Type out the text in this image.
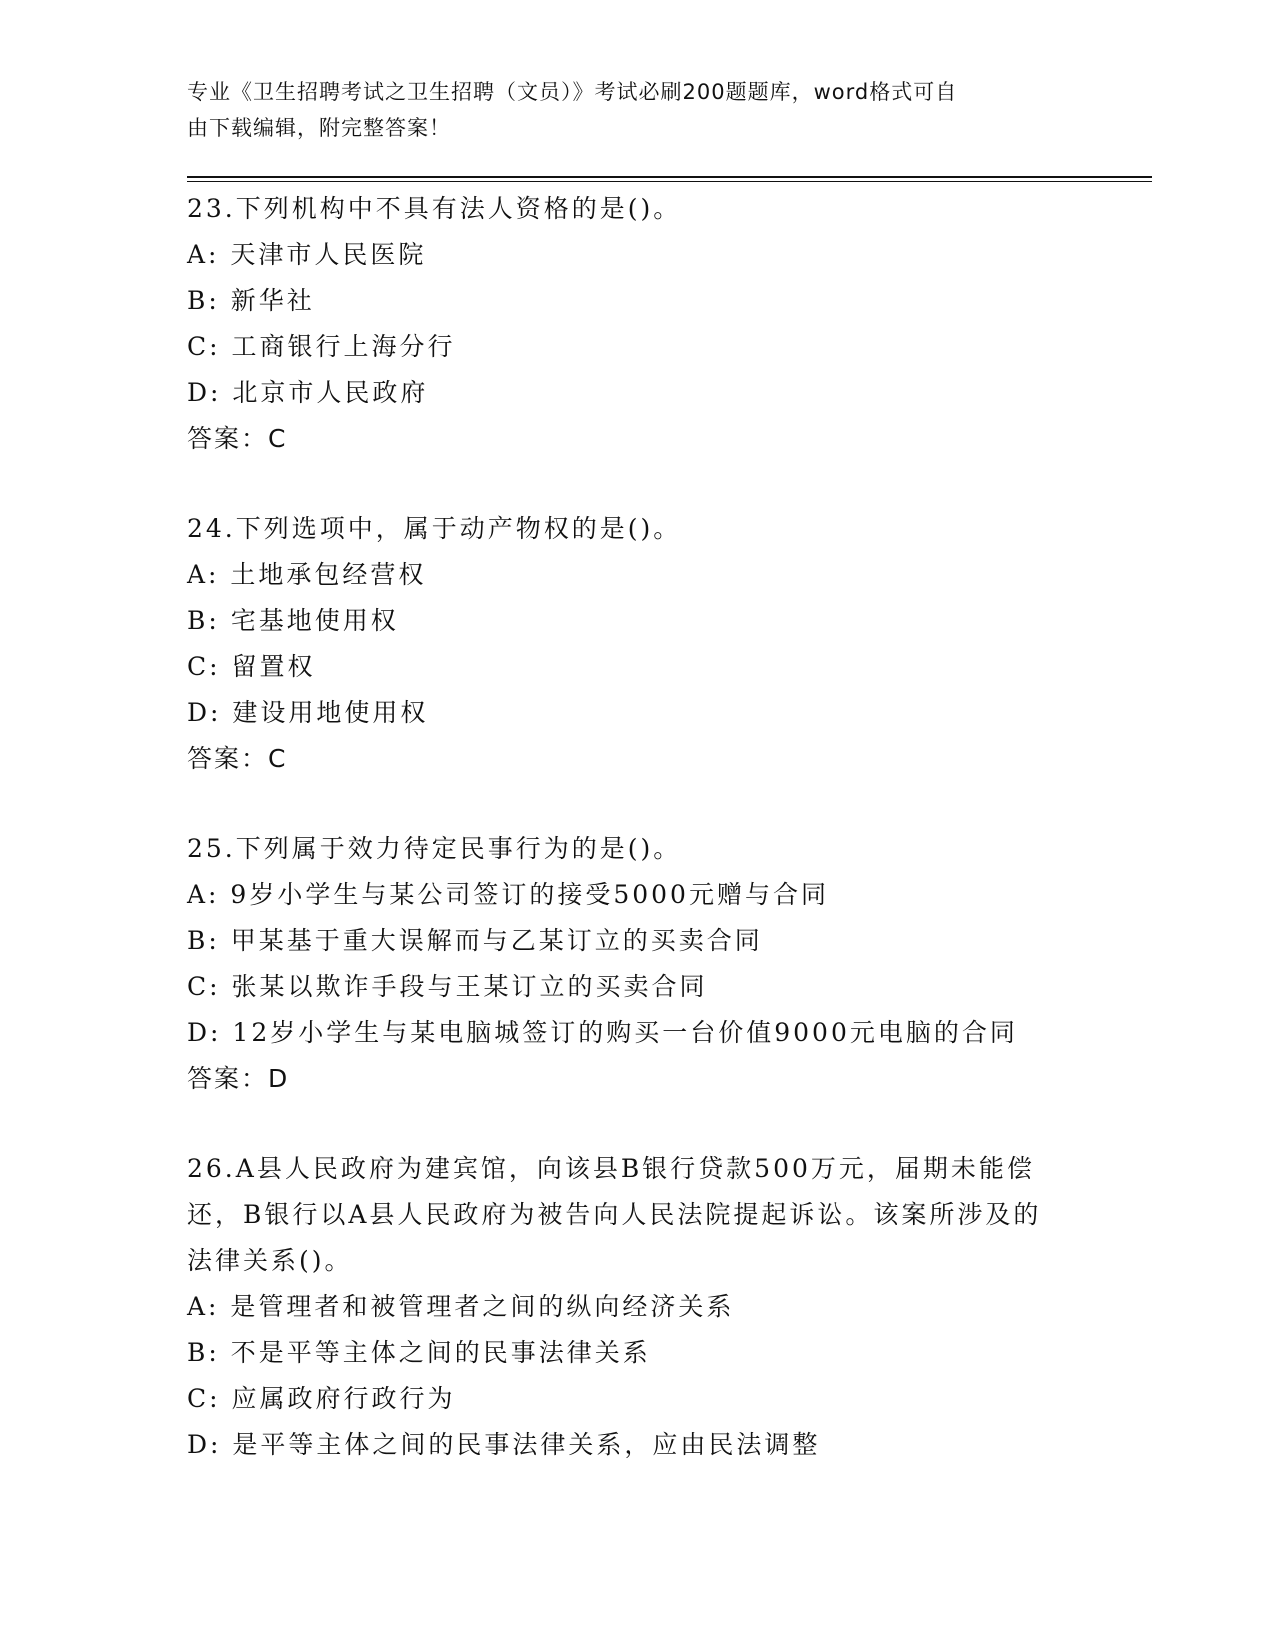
专业《卫生招聘考试之卫生招聘（文员）》考试必刷200题题库，word格式可自
由下载编辑，附完整答案！
23.下列机构中不具有法人资格的是()。
A: 天津市人民医院
B: 新华社
C: 工商银行上海分行
D: 北京市人民政府
答案：C
24.下列选项中，属于动产物权的是()。
A: 土地承包经营权
B: 宅基地使用权
C: 留置权
D: 建设用地使用权
答案：C
25.下列属于效力待定民事行为的是()。
A: 9岁小学生与某公司签订的接受5000元赠与合同
B: 甲某基于重大误解而与乙某订立的买卖合同
C: 张某以欺诈手段与王某订立的买卖合同
D: 12岁小学生与某电脑城签订的购买一台价值9000元电脑的合同
答案：D
26.A县人民政府为建宾馆，向该县B银行贷款500万元，届期未能偿
还，B银行以A县人民政府为被告向人民法院提起诉讼。该案所涉及的
法律关系()。
A: 是管理者和被管理者之间的纵向经济关系
B: 不是平等主体之间的民事法律关系
C: 应属政府行政行为
D: 是平等主体之间的民事法律关系，应由民法调整
